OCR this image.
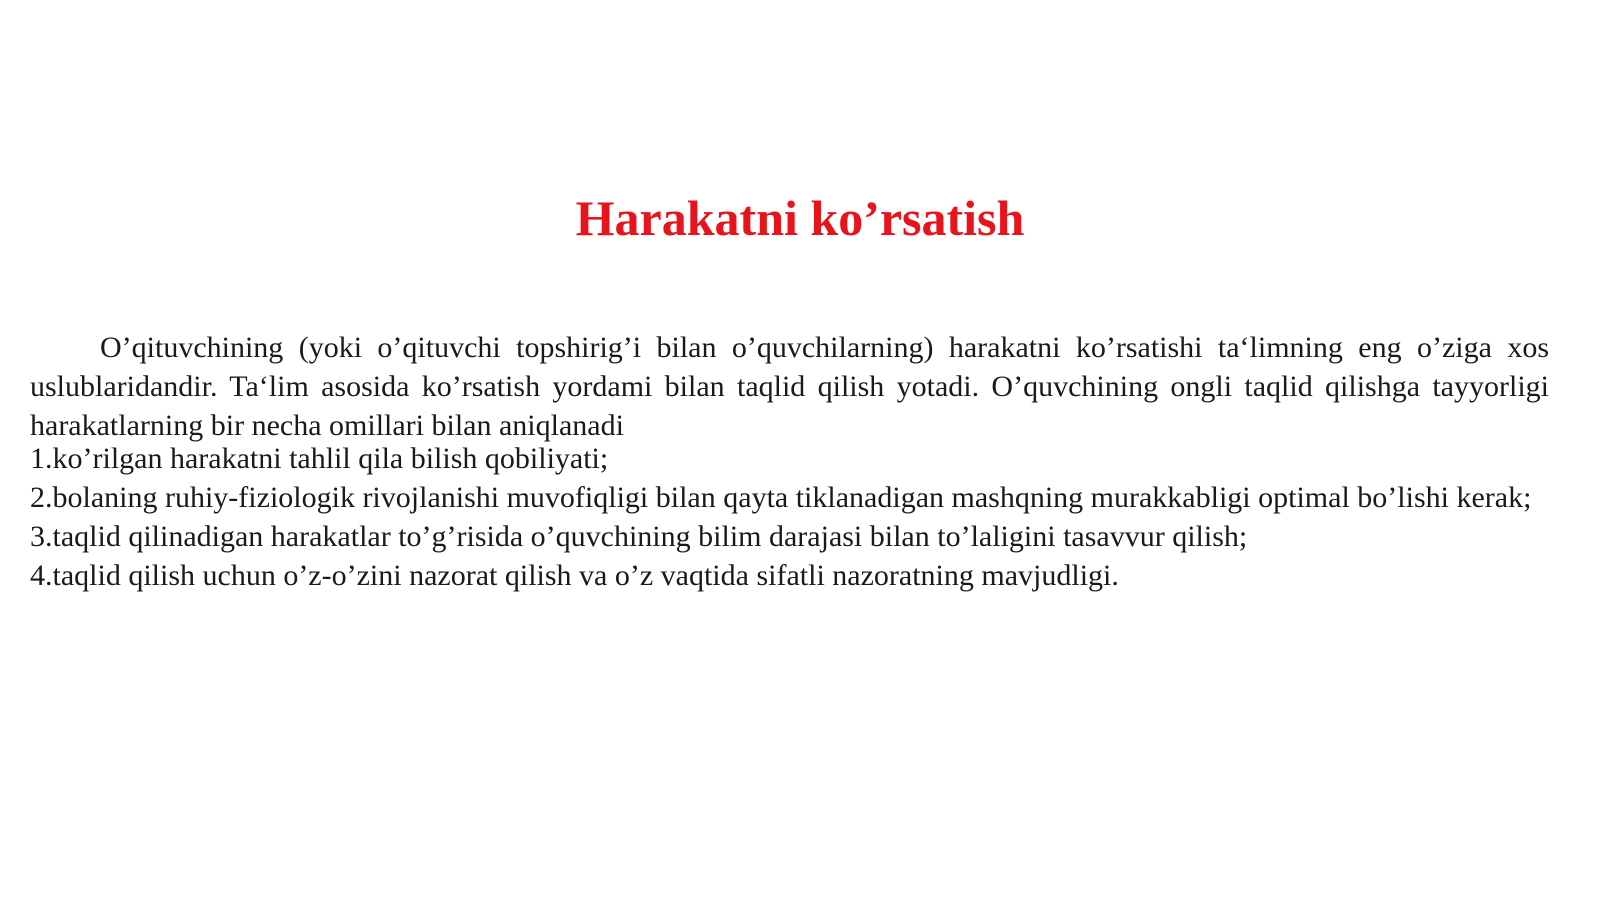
Harakatni ko’rsatish

O’qituvchining (yoki o’qituvchi topshirig’i bilan o’quvchilarning) harakatni ko’rsatishi ta‘limning eng o’ziga xos uslublaridandir. Ta‘lim asosida ko’rsatish yordami bilan taqlid qilish yotadi. O’quvchining ongli taqlid qilishga tayyorligi harakatlarning bir necha omillari bilan aniqlanadi

1.ko’rilgan harakatni tahlil qila bilish qobiliyati;
2.bolaning ruhiy-fiziologik rivojlanishi muvofiqligi bilan qayta tiklanadigan mashqning murakkabligi optimal bo’lishi kerak;
3.taqlid qilinadigan harakatlar to’g’risida o’quvchining bilim darajasi bilan to’laligini tasavvur qilish;
4.taqlid qilish uchun o’z-o’zini nazorat qilish va o’z vaqtida sifatli nazoratning mavjudligi.
